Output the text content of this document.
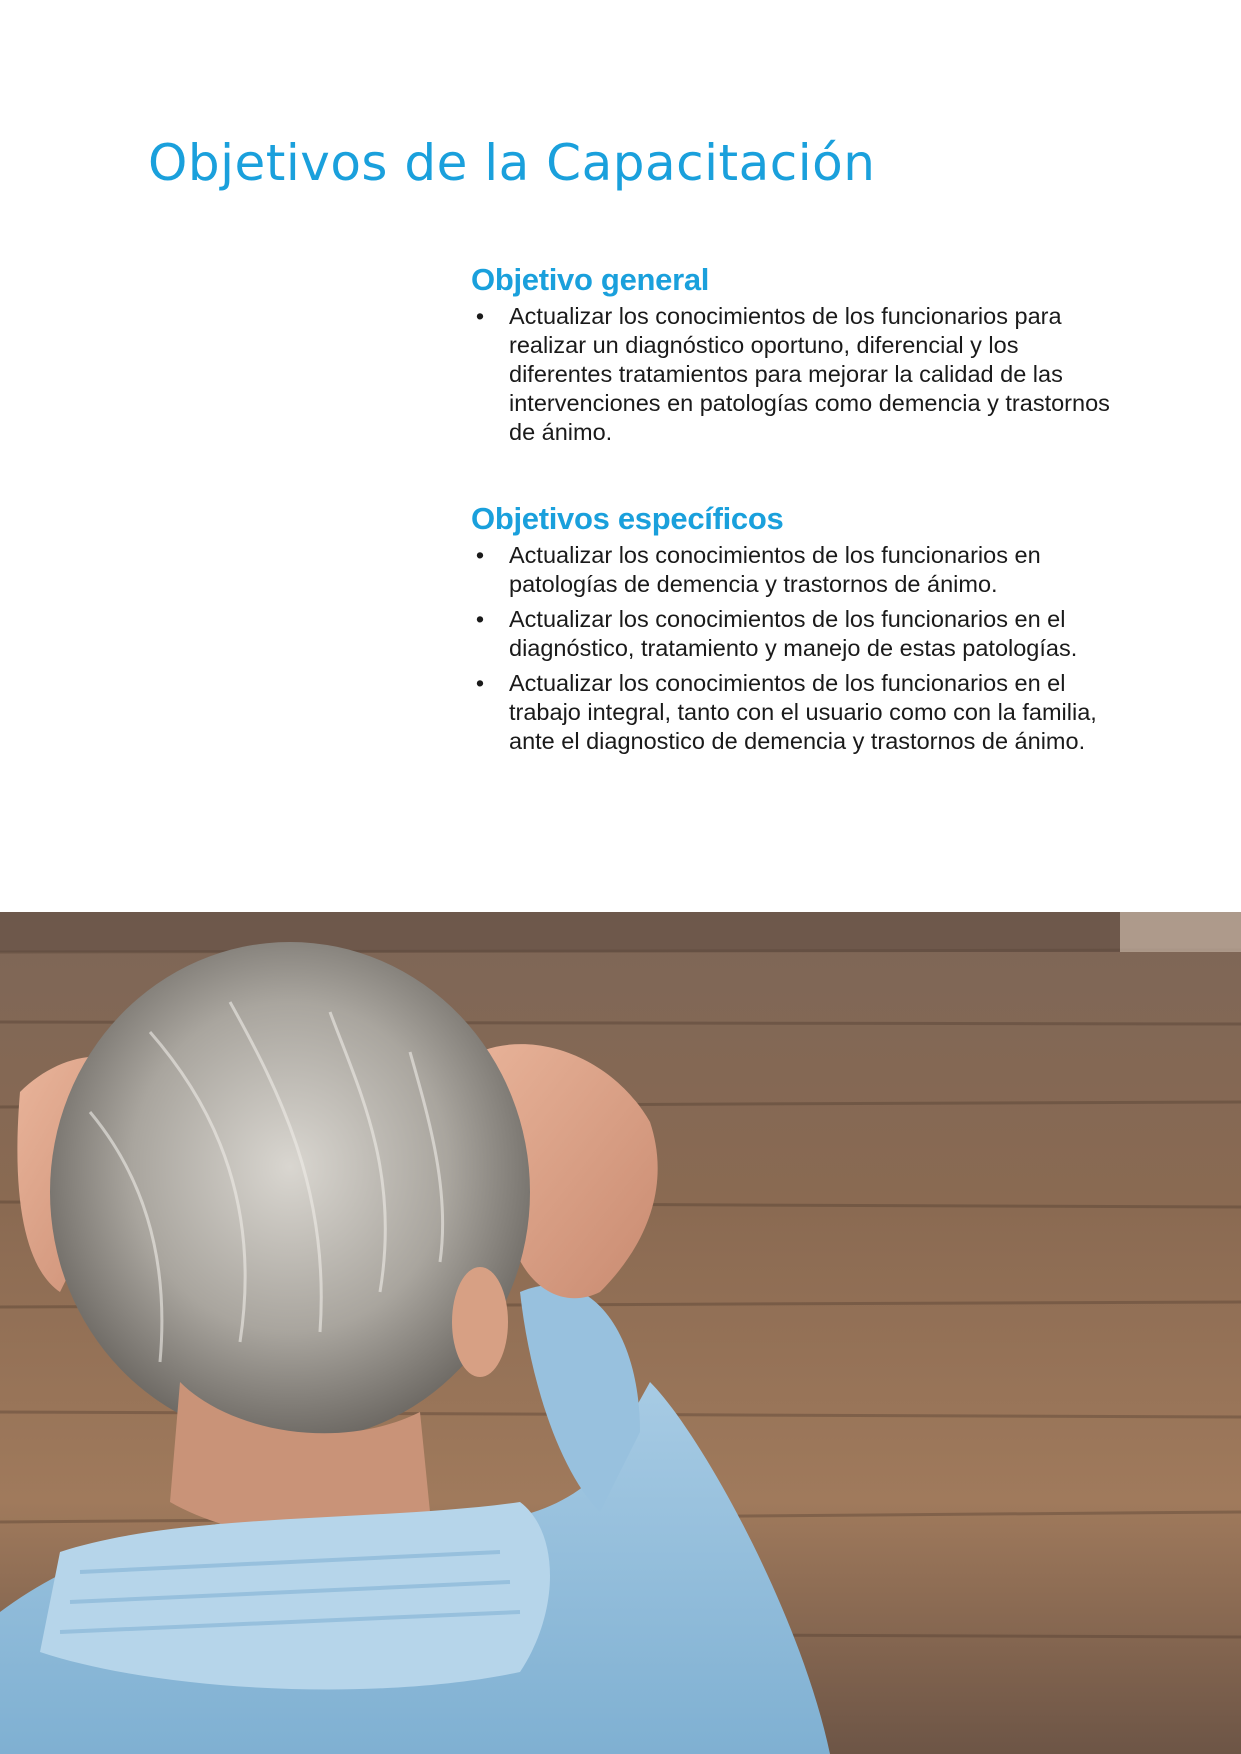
Objetivos de la Capacitación
Objetivo general
• Actualizar los conocimientos de los funcionarios para realizar un diagnóstico oportuno, diferencial y los diferentes tratamientos para mejorar la calidad de las intervenciones en patologías como demencia y trastornos de ánimo.
Objetivos específicos
• Actualizar los conocimientos de los funcionarios en patologías de demencia y trastornos de ánimo.
• Actualizar los conocimientos de los funcionarios en el diagnóstico, tratamiento y manejo de estas patologías.
• Actualizar los conocimientos de los funcionarios en el trabajo integral, tanto con el usuario como con la familia, ante el diagnostico de demencia y trastornos de ánimo.
